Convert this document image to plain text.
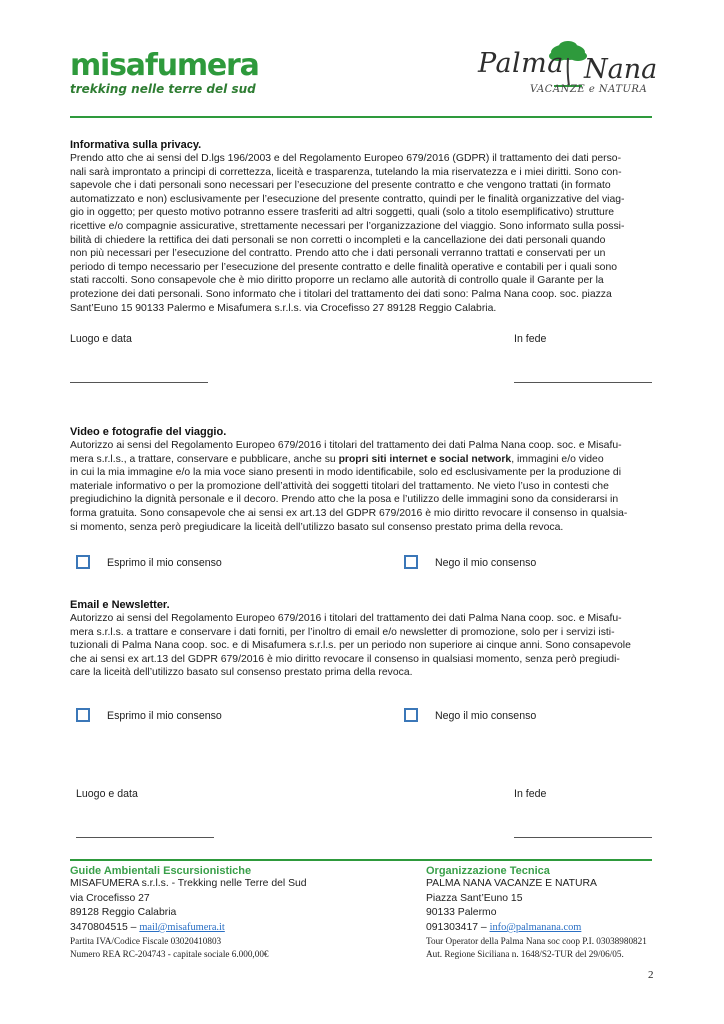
misafumera
trekking nelle terre del sud
Palma Nana
VACANZE e NATURA
Informativa sulla privacy.
Prendo atto che ai sensi del D.lgs 196/2003 e del Regolamento Europeo 679/2016 (GDPR) il trattamento dei dati perso-
nali sarà improntato a principi di correttezza, liceità e trasparenza, tutelando la mia riservatezza e i miei diritti. Sono con-
sapevole che i dati personali sono necessari per l’esecuzione del presente contratto e che vengono trattati (in formato
automatizzato e non) esclusivamente per l’esecuzione del presente contratto, quindi per le finalità organizzative del viag-
gio in oggetto; per questo motivo potranno essere trasferiti ad altri soggetti, quali (solo a titolo esemplificativo) strutture
ricettive e/o compagnie assicurative, strettamente necessari per l’organizzazione del viaggio. Sono informato sulla possi-
bilità di chiedere la rettifica dei dati personali se non corretti o incompleti e la cancellazione dei dati personali quando
non più necessari per l’esecuzione del contratto. Prendo atto che i dati personali verranno trattati e conservati per un
periodo di tempo necessario per l’esecuzione del presente contratto e delle finalità operative e contabili per i quali sono
stati raccolti. Sono consapevole che è mio diritto proporre un reclamo alle autorità di controllo quale il Garante per la
protezione dei dati personali. Sono informato che i titolari del trattamento dei dati sono: Palma Nana coop. soc. piazza
Sant’Euno 15 90133 Palermo e Misafumera s.r.l.s. via Crocefisso 27 89128 Reggio Calabria.
Luogo e data	In fede
Video e fotografie del viaggio.
Autorizzo ai sensi del Regolamento Europeo 679/2016 i titolari del trattamento dei dati Palma Nana coop. soc. e Misafu-
mera s.r.l.s., a trattare, conservare e pubblicare, anche su propri siti internet e social network, immagini e/o video
in cui la mia immagine e/o la mia voce siano presenti in modo identificabile, solo ed esclusivamente per la produzione di
materiale informativo o per la promozione dell’attività dei soggetti titolari del trattamento. Ne vieto l’uso in contesti che
pregiudichino la dignità personale e il decoro. Prendo atto che la posa e l’utilizzo delle immagini sono da considerarsi in
forma gratuita. Sono consapevole che ai sensi ex art.13 del GDPR 679/2016 è mio diritto revocare il consenso in qualsia-
si momento, senza però pregiudicare la liceità dell’utilizzo basato sul consenso prestato prima della revoca.
Esprimo il mio consenso	Nego il mio consenso
Email e Newsletter.
Autorizzo ai sensi del Regolamento Europeo 679/2016 i titolari del trattamento dei dati Palma Nana coop. soc. e Misafu-
mera s.r.l.s. a trattare e conservare i dati forniti, per l’inoltro di email e/o newsletter di promozione, solo per i servizi isti-
tuzionali di Palma Nana coop. soc. e di Misafumera s.r.l.s. per un periodo non superiore ai cinque anni. Sono consapevole
che ai sensi ex art.13 del GDPR 679/2016 è mio diritto revocare il consenso in qualsiasi momento, senza però pregiudi-
care la liceità dell’utilizzo basato sul consenso prestato prima della revoca.
Esprimo il mio consenso	Nego il mio consenso
Luogo e data	In fede
Guide Ambientali Escursionistiche
MISAFUMERA s.r.l.s. - Trekking nelle Terre del Sud
via Crocefisso 27
89128 Reggio Calabria
3470804515 – mail@misafumera.it
Partita IVA/Codice Fiscale 03020410803
Numero REA RC-204743 - capitale sociale 6.000,00€
Organizzazione Tecnica
PALMA NANA VACANZE E NATURA
Piazza Sant’Euno 15
90133 Palermo
091303417 – info@palmanana.com
Tour Operator della Palma Nana soc coop P.I. 03038980821
Aut. Regione Siciliana n. 1648/S2-TUR del 29/06/05.
2
